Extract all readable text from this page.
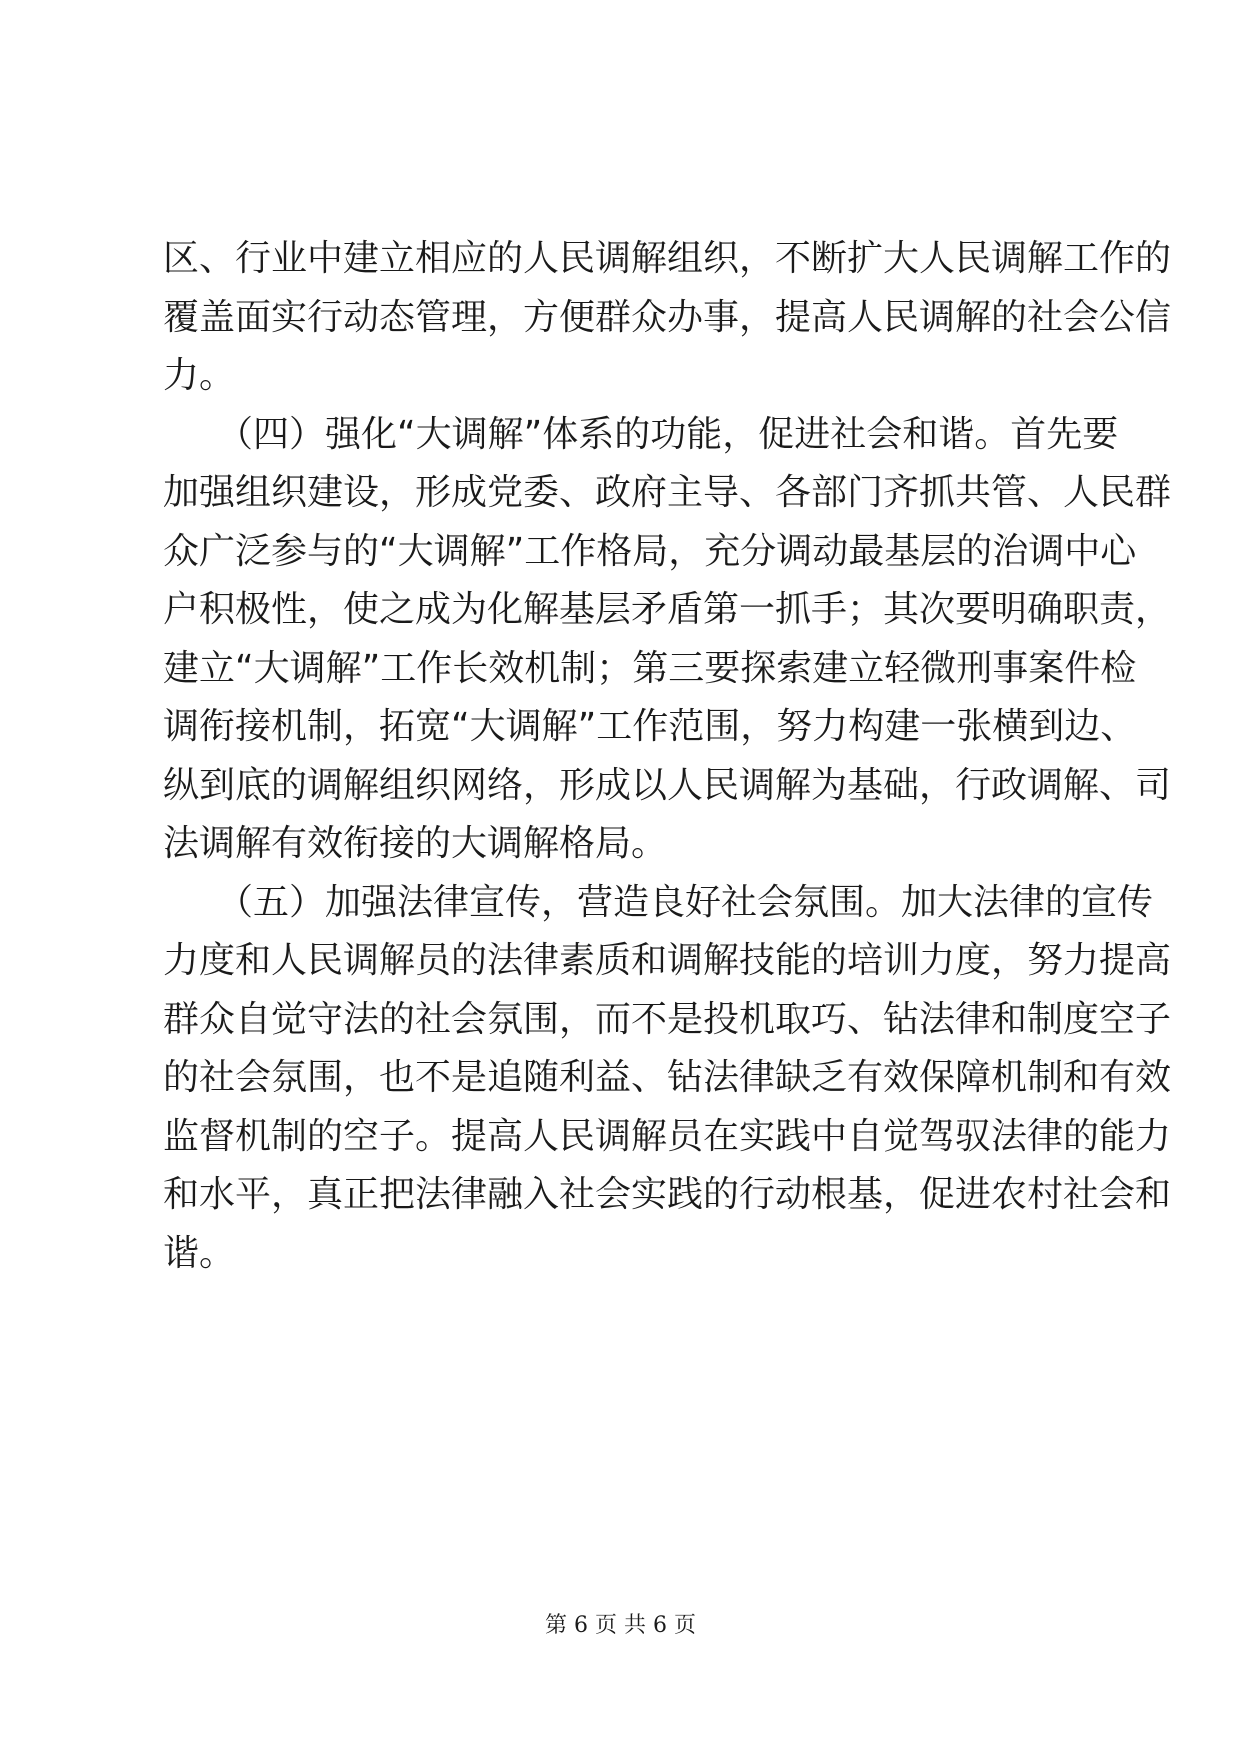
区、行业中建立相应的人民调解组织，不断扩大人民调解工作的
覆盖面实行动态管理，方便群众办事，提高人民调解的社会公信
力。
　　（四）强化“大调解”体系的功能，促进社会和谐。首先要
加强组织建设，形成党委、政府主导、各部门齐抓共管、人民群
众广泛参与的“大调解”工作格局，充分调动最基层的治调中心
户积极性，使之成为化解基层矛盾第一抓手；其次要明确职责，
建立“大调解”工作长效机制；第三要探索建立轻微刑事案件检
调衔接机制，拓宽“大调解”工作范围，努力构建一张横到边、
纵到底的调解组织网络，形成以人民调解为基础，行政调解、司
法调解有效衔接的大调解格局。
　　（五）加强法律宣传，营造良好社会氛围。加大法律的宣传
力度和人民调解员的法律素质和调解技能的培训力度，努力提高
群众自觉守法的社会氛围，而不是投机取巧、钻法律和制度空子
的社会氛围，也不是追随利益、钻法律缺乏有效保障机制和有效
监督机制的空子。提高人民调解员在实践中自觉驾驭法律的能力
和水平，真正把法律融入社会实践的行动根基，促进农村社会和
谐。
第 6 页 共 6 页
